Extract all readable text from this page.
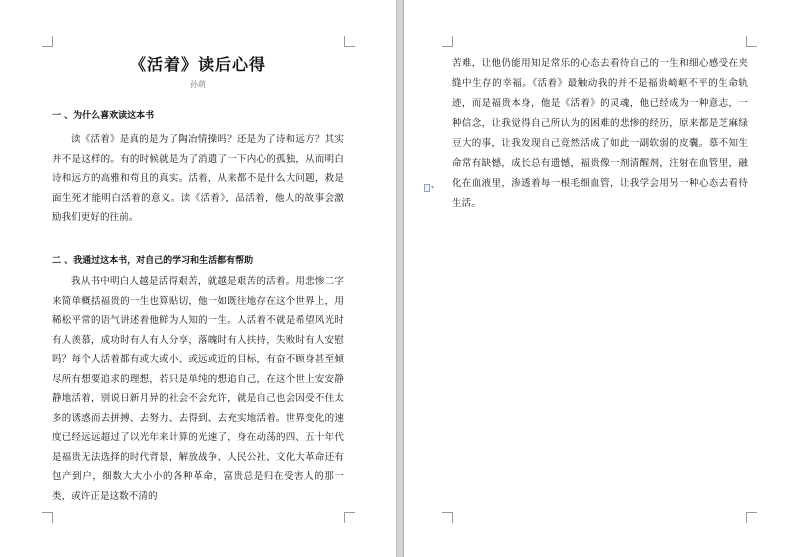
《活着》读后心得
孙萌
一 、为什么喜欢读这本书
读《活着》是真的是为了陶冶情操吗？还是为了诗和远方？其实并不是这样的。有的时候就是为了消遣了一下内心的孤独，从而明白诗和远方的高雅和苟且的真实。活着，从来都不是什么大问题，救是面生死才能明白活着的意义。读《活着》，品活着，他人的故事会激励我们更好的往前。
二 、我通过这本书，对自己的学习和生活都有帮助
我从书中明白人越是活得艰苦，就越是艰苦的活着。用悲惨二字来简单概括福贵的一生也算贴切，他一如既往地存在这个世界上，用稀松平常的语气讲述着他鲜为人知的一生。人活着不就是希望风光时有人羡慕，成功时有人有人分享，落魄时有人扶持，失败时有人安慰吗？每个人活着都有或大或小、或远或近的目标，有奋不顾身甚至倾尽所有想要追求的理想，若只是单纯的想追自己，在这个世上安安静静地活着，别说日新月异的社会不会允许，就是自己也会因受不住太多的诱惑而去拼搏、去努力、去得到、去充实地活着。世界变化的速度已经远远超过了以光年来计算的光速了，身在动荡的四、五十年代是福贵无法选择的时代背景，解放战争、人民公社、文化大革命还有包产到户，细数大大小小的各种革命，富贵总是归在受害人的那一类，或许正是这数不清的
苦难，让他仍能用知足常乐的心态去看待自己的一生和细心感受在夹缝中生存的幸福。《活着》最触动我的并不是福贵崎岖不平的生命轨迹，而是福贵本身，他是《活着》的灵魂，他已经成为一种意志，一种信念，让我觉得自己所认为的困难的悲惨的经历，原来都是芝麻绿豆大的事，让我发现自己竟然活成了如此一副软弱的皮囊。慕不知生命常有缺憾，成长总有遗憾，福贵像一剂清醒剂，注射在血管里，融化在血液里，渗透着每一根毛细血管，让我学会用另一种心态去看待生活。
▾
